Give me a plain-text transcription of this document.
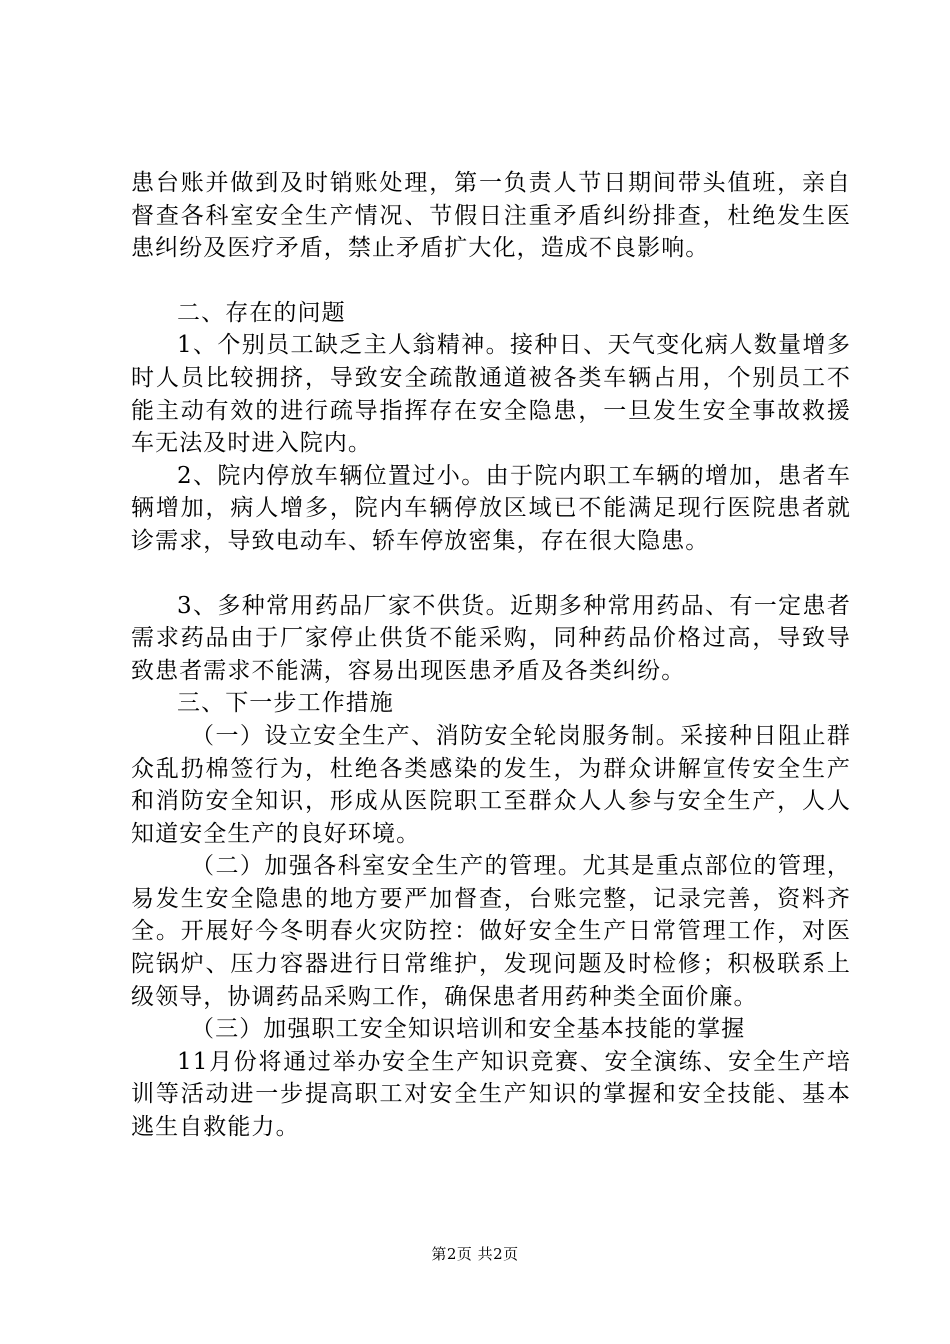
患台账并做到及时销账处理，第一负责人节日期间带头值班，亲自督查各科室安全生产情况、节假日注重矛盾纠纷排查，杜绝发生医患纠纷及医疗矛盾，禁止矛盾扩大化，造成不良影响。

二、存在的问题

1、个别员工缺乏主人翁精神。接种日、天气变化病人数量增多时人员比较拥挤，导致安全疏散通道被各类车辆占用，个别员工不能主动有效的进行疏导指挥存在安全隐患，一旦发生安全事故救援车无法及时进入院内。

2、院内停放车辆位置过小。由于院内职工车辆的增加，患者车辆增加，病人增多，院内车辆停放区域已不能满足现行医院患者就诊需求，导致电动车、轿车停放密集，存在很大隐患。

3、多种常用药品厂家不供货。近期多种常用药品、有一定患者需求药品由于厂家停止供货不能采购，同种药品价格过高，导致导致患者需求不能满，容易出现医患矛盾及各类纠纷。

三、下一步工作措施

（一）设立安全生产、消防安全轮岗服务制。采接种日阻止群众乱扔棉签行为，杜绝各类感染的发生，为群众讲解宣传安全生产和消防安全知识，形成从医院职工至群众人人参与安全生产，人人知道安全生产的良好环境。

（二）加强各科室安全生产的管理。尤其是重点部位的管理，易发生安全隐患的地方要严加督查，台账完整，记录完善，资料齐全。开展好今冬明春火灾防控：做好安全生产日常管理工作，对医院锅炉、压力容器进行日常维护，发现问题及时检修；积极联系上级领导，协调药品采购工作，确保患者用药种类全面价廉。

（三）加强职工安全知识培训和安全基本技能的掌握

11月份将通过举办安全生产知识竞赛、安全演练、安全生产培训等活动进一步提高职工对安全生产知识的掌握和安全技能、基本逃生自救能力。

第2页 共2页
